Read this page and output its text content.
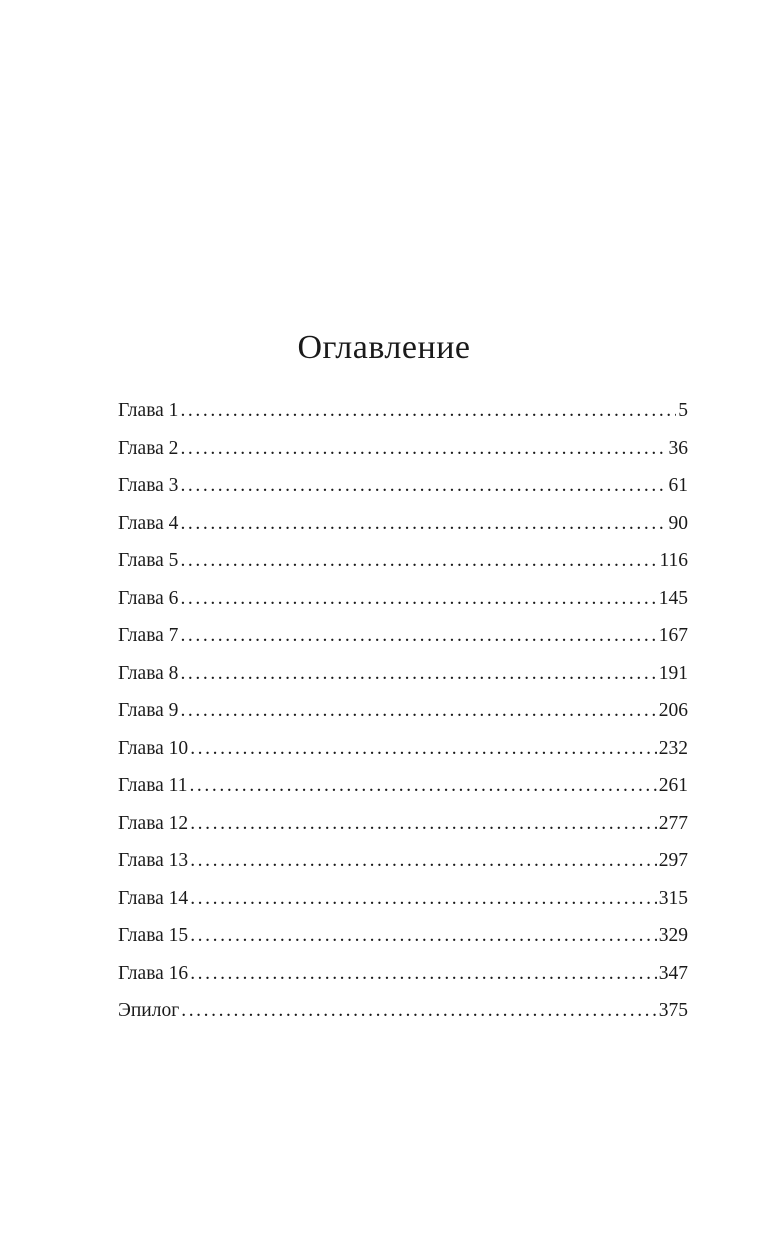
Оглавление
Глава 1 .....	5
Глава 2 .....	36
Глава 3 .....	61
Глава 4 .....	90
Глава 5 .....	116
Глава 6 .....	145
Глава 7 .....	167
Глава 8 .....	191
Глава 9 .....	206
Глава 10 .....	232
Глава 11 .....	261
Глава 12 .....	277
Глава 13 .....	297
Глава 14 .....	315
Глава 15 .....	329
Глава 16 .....	347
Эпилог .....	375
